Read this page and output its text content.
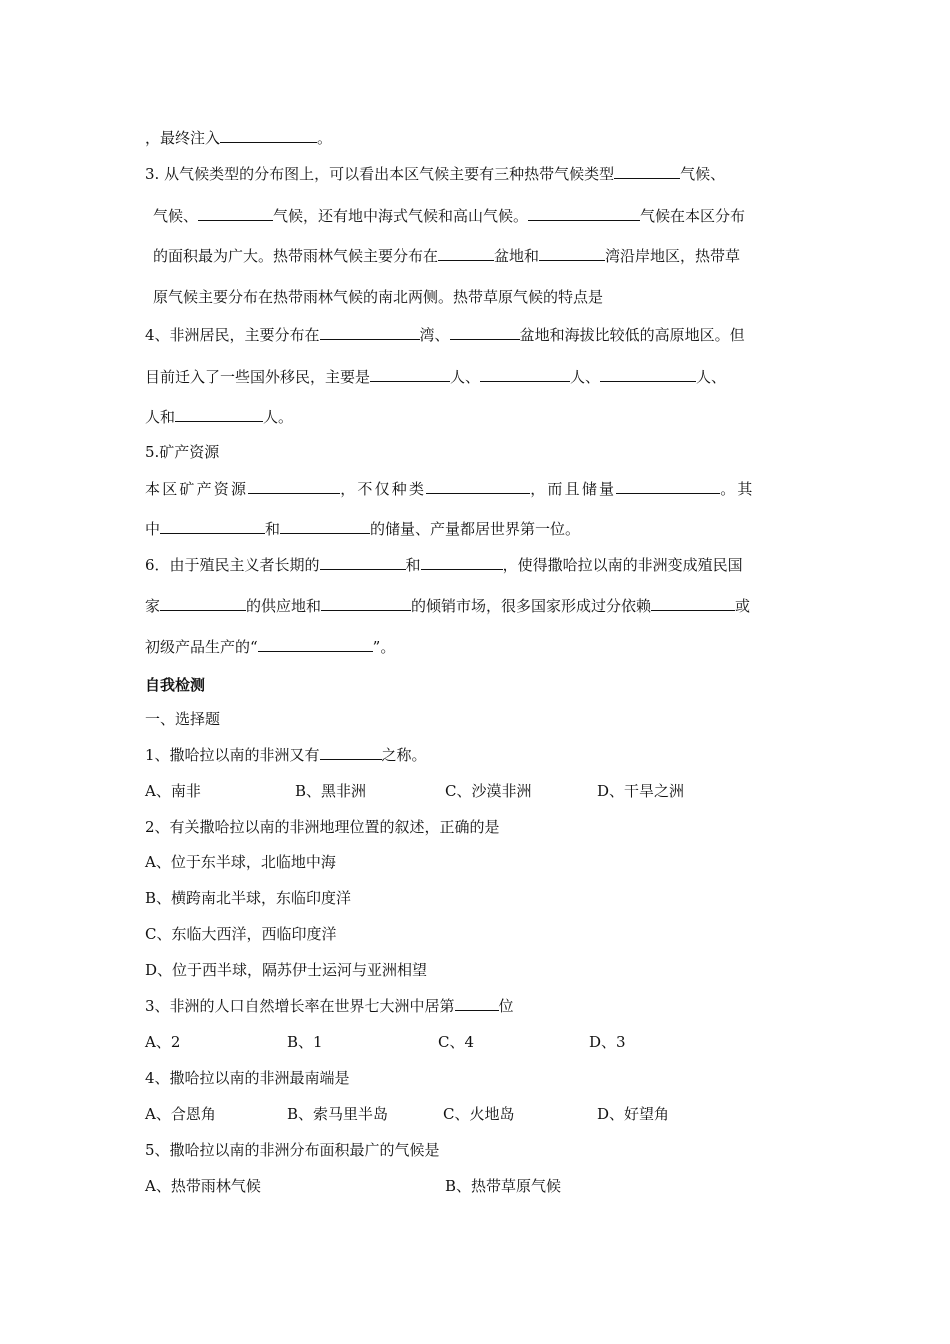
，最终注入	。
3. 从气候类型的分布图上，可以看出本区气候主要有三种热带气候类型	气候、
气候、	气候，还有地中海式气候和高山气候。	气候在本区分布
的面积最为广大。热带雨林气候主要分布在	盆地和	湾沿岸地区，热带草
原气候主要分布在热带雨林气候的南北两侧。热带草原气候的特点是
4、非洲居民，主要分布在	湾、	盆地和海拔比较低的高原地区。但
目前迁入了一些国外移民，主要是	人、	人、	人、
人和	人。
5.矿产资源
本区矿产资源	，不仅种类	，而且储量	。其
中	和	的储量、产量都居世界第一位。
6．由于殖民主义者长期的	和	，使得撒哈拉以南的非洲变成殖民国
家	的供应地和	的倾销市场，很多国家形成过分依赖	或
初级产品生产的“	”。
自我检测
一、选择题
1、撒哈拉以南的非洲又有	之称。
A、南非	B、黑非洲	C、沙漠非洲	D、干旱之洲
2、有关撒哈拉以南的非洲地理位置的叙述，正确的是
A、位于东半球，北临地中海
B、横跨南北半球，东临印度洋
C、东临大西洋，西临印度洋
D、位于西半球，隔苏伊士运河与亚洲相望
3、非洲的人口自然增长率在世界七大洲中居第	位
A、2	B、1	C、4	D、3
4、撒哈拉以南的非洲最南端是
A、合恩角	B、索马里半岛	C、火地岛	D、好望角
5、撒哈拉以南的非洲分布面积最广的气候是
A、热带雨林气候	B、热带草原气候
